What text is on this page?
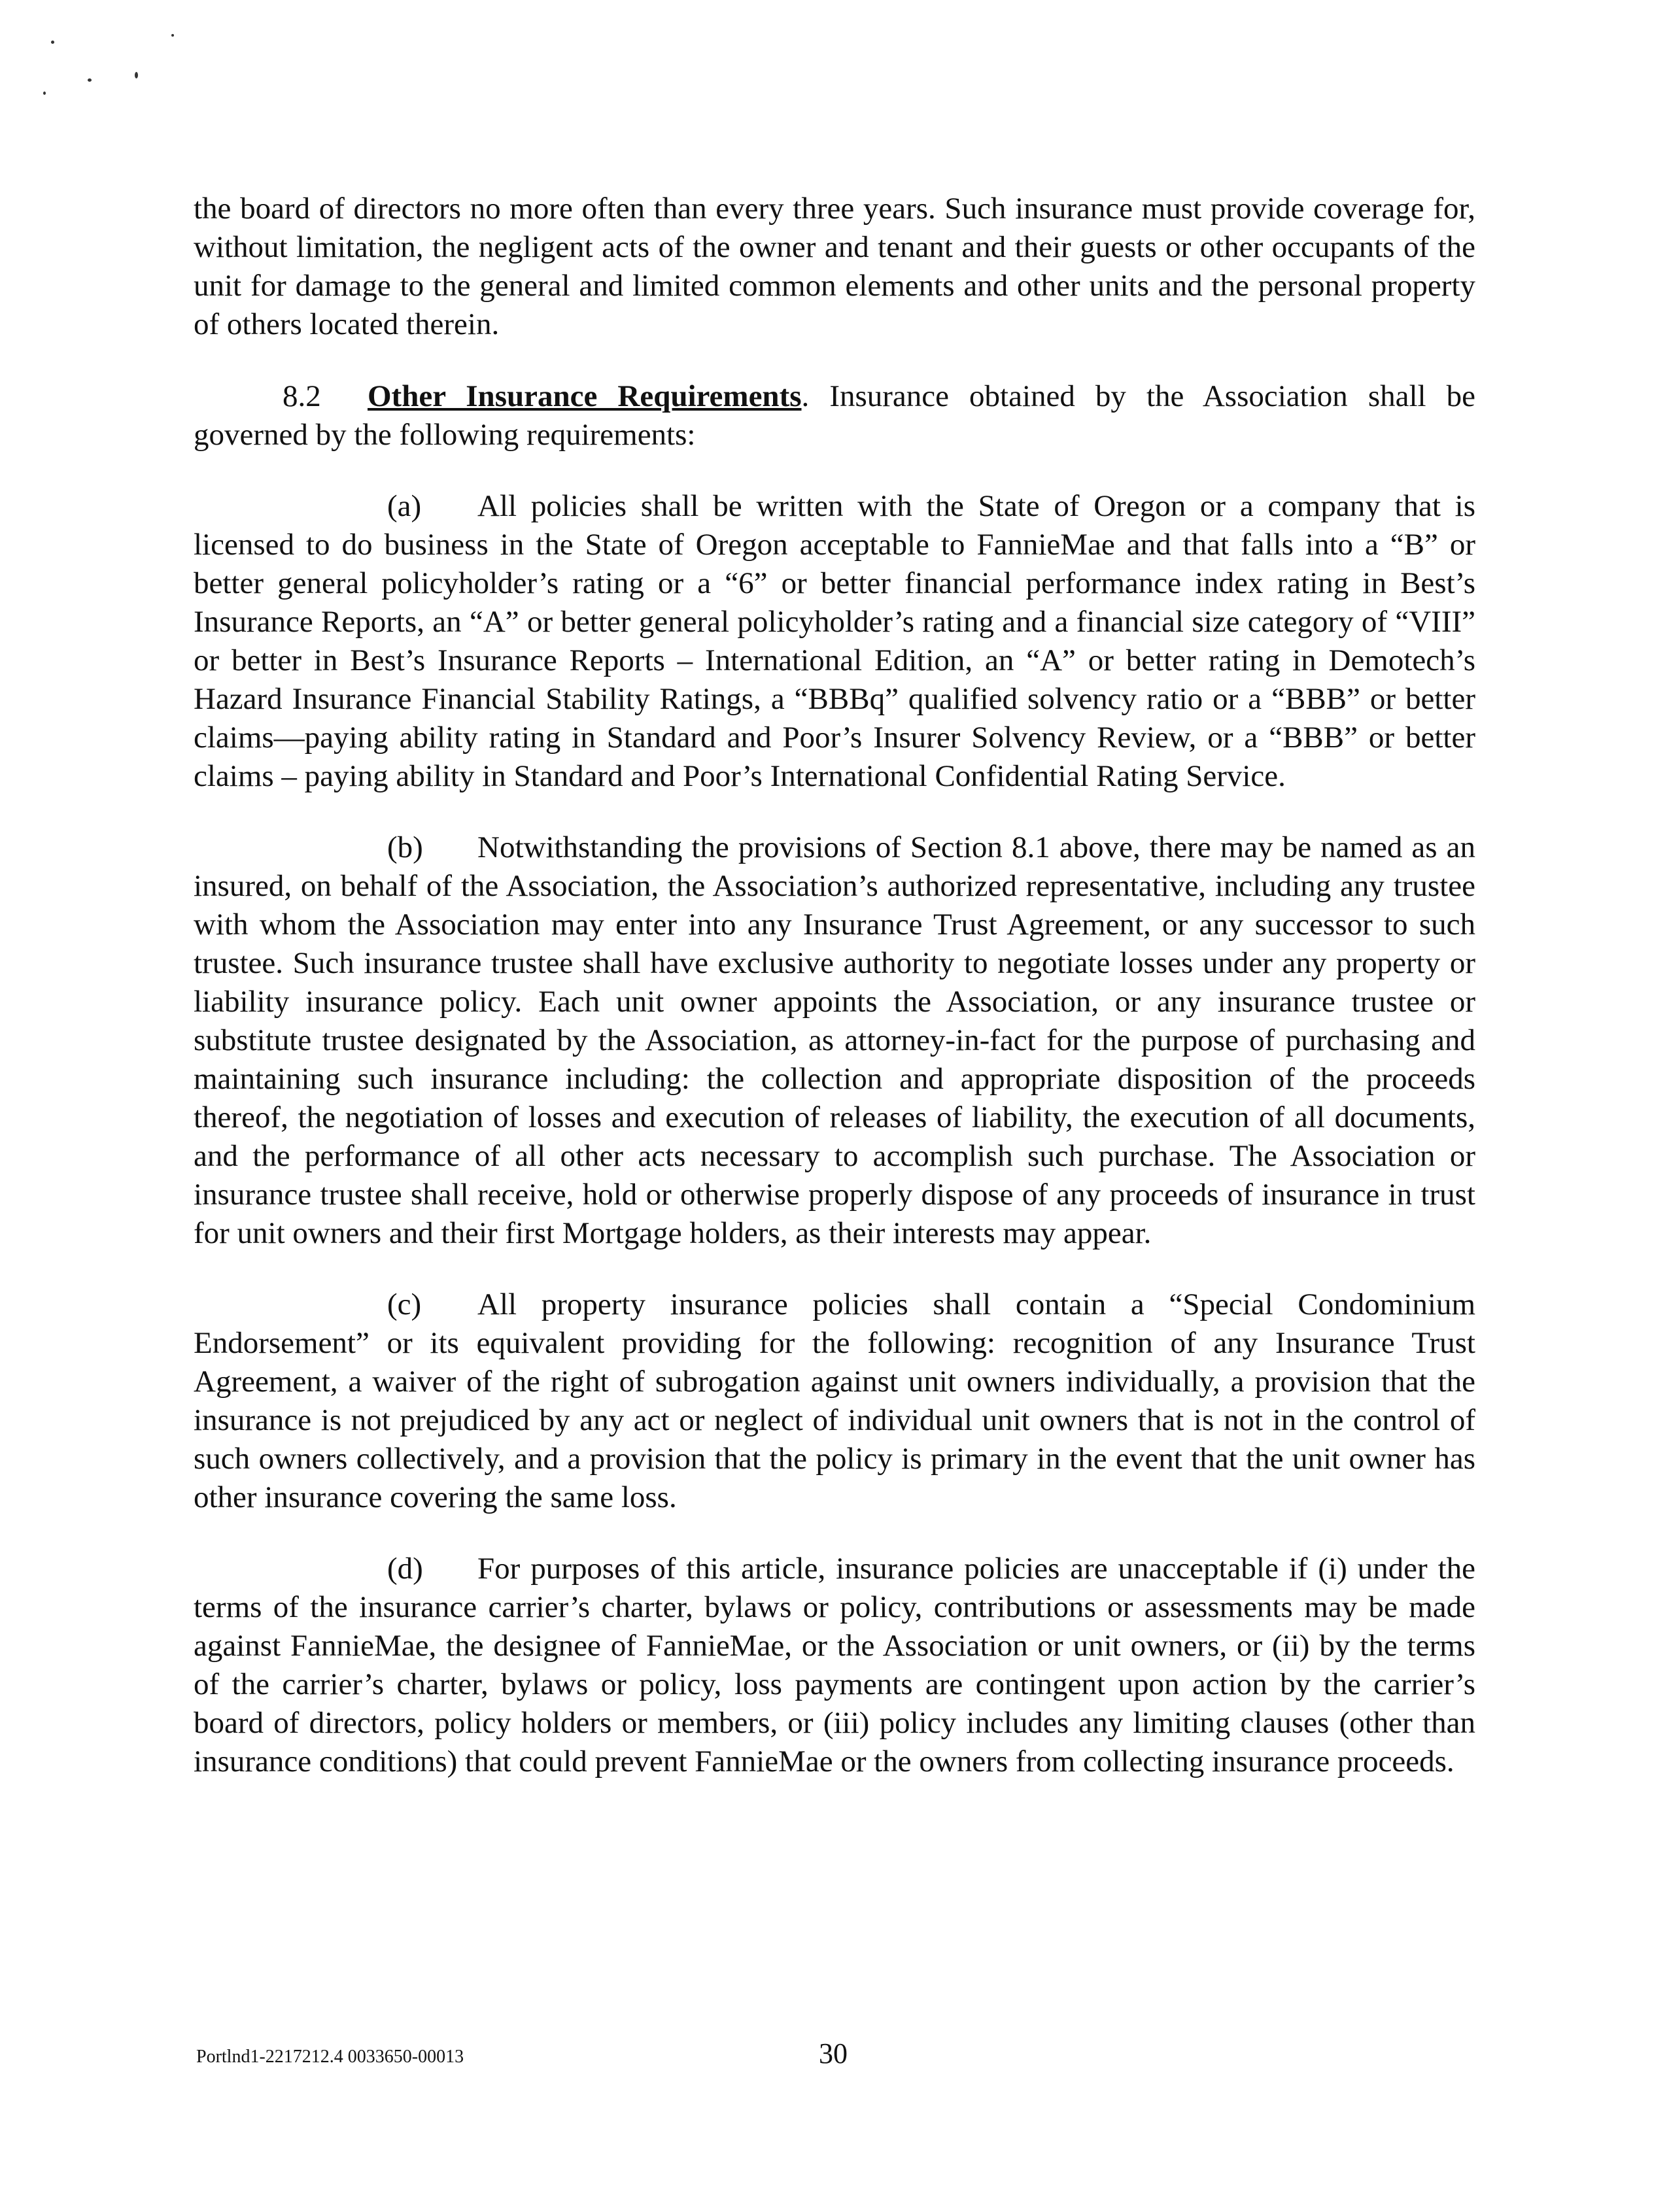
the board of directors no more often than every three years. Such insurance must provide coverage for, without limitation, the negligent acts of the owner and tenant and their guests or other occupants of the unit for damage to the general and limited common elements and other units and the personal property of others located therein.

8.2 Other Insurance Requirements. Insurance obtained by the Association shall be governed by the following requirements:

(a) All policies shall be written with the State of Oregon or a company that is licensed to do business in the State of Oregon acceptable to FannieMae and that falls into a “B” or better general policyholder’s rating or a “6” or better financial performance index rating in Best’s Insurance Reports, an “A” or better general policyholder’s rating and a financial size category of “VIII” or better in Best’s Insurance Reports – International Edition, an “A” or better rating in Demotech’s Hazard Insurance Financial Stability Ratings, a “BBBq” qualified solvency ratio or a “BBB” or better claims—paying ability rating in Standard and Poor’s Insurer Solvency Review, or a “BBB” or better claims – paying ability in Standard and Poor’s International Confidential Rating Service.

(b) Notwithstanding the provisions of Section 8.1 above, there may be named as an insured, on behalf of the Association, the Association’s authorized representative, including any trustee with whom the Association may enter into any Insurance Trust Agreement, or any successor to such trustee. Such insurance trustee shall have exclusive authority to negotiate losses under any property or liability insurance policy. Each unit owner appoints the Association, or any insurance trustee or substitute trustee designated by the Association, as attorney-in-fact for the purpose of purchasing and maintaining such insurance including: the collection and appropriate disposition of the proceeds thereof, the negotiation of losses and execution of releases of liability, the execution of all documents, and the performance of all other acts necessary to accomplish such purchase. The Association or insurance trustee shall receive, hold or otherwise properly dispose of any proceeds of insurance in trust for unit owners and their first Mortgage holders, as their interests may appear.

(c) All property insurance policies shall contain a “Special Condominium Endorsement” or its equivalent providing for the following: recognition of any Insurance Trust Agreement, a waiver of the right of subrogation against unit owners individually, a provision that the insurance is not prejudiced by any act or neglect of individual unit owners that is not in the control of such owners collectively, and a provision that the policy is primary in the event that the unit owner has other insurance covering the same loss.

(d) For purposes of this article, insurance policies are unacceptable if (i) under the terms of the insurance carrier’s charter, bylaws or policy, contributions or assessments may be made against FannieMae, the designee of FannieMae, or the Association or unit owners, or (ii) by the terms of the carrier’s charter, bylaws or policy, loss payments are contingent upon action by the carrier’s board of directors, policy holders or members, or (iii) policy includes any limiting clauses (other than insurance conditions) that could prevent FannieMae or the owners from collecting insurance proceeds.

Portlnd1-2217212.4 0033650-00013	30
